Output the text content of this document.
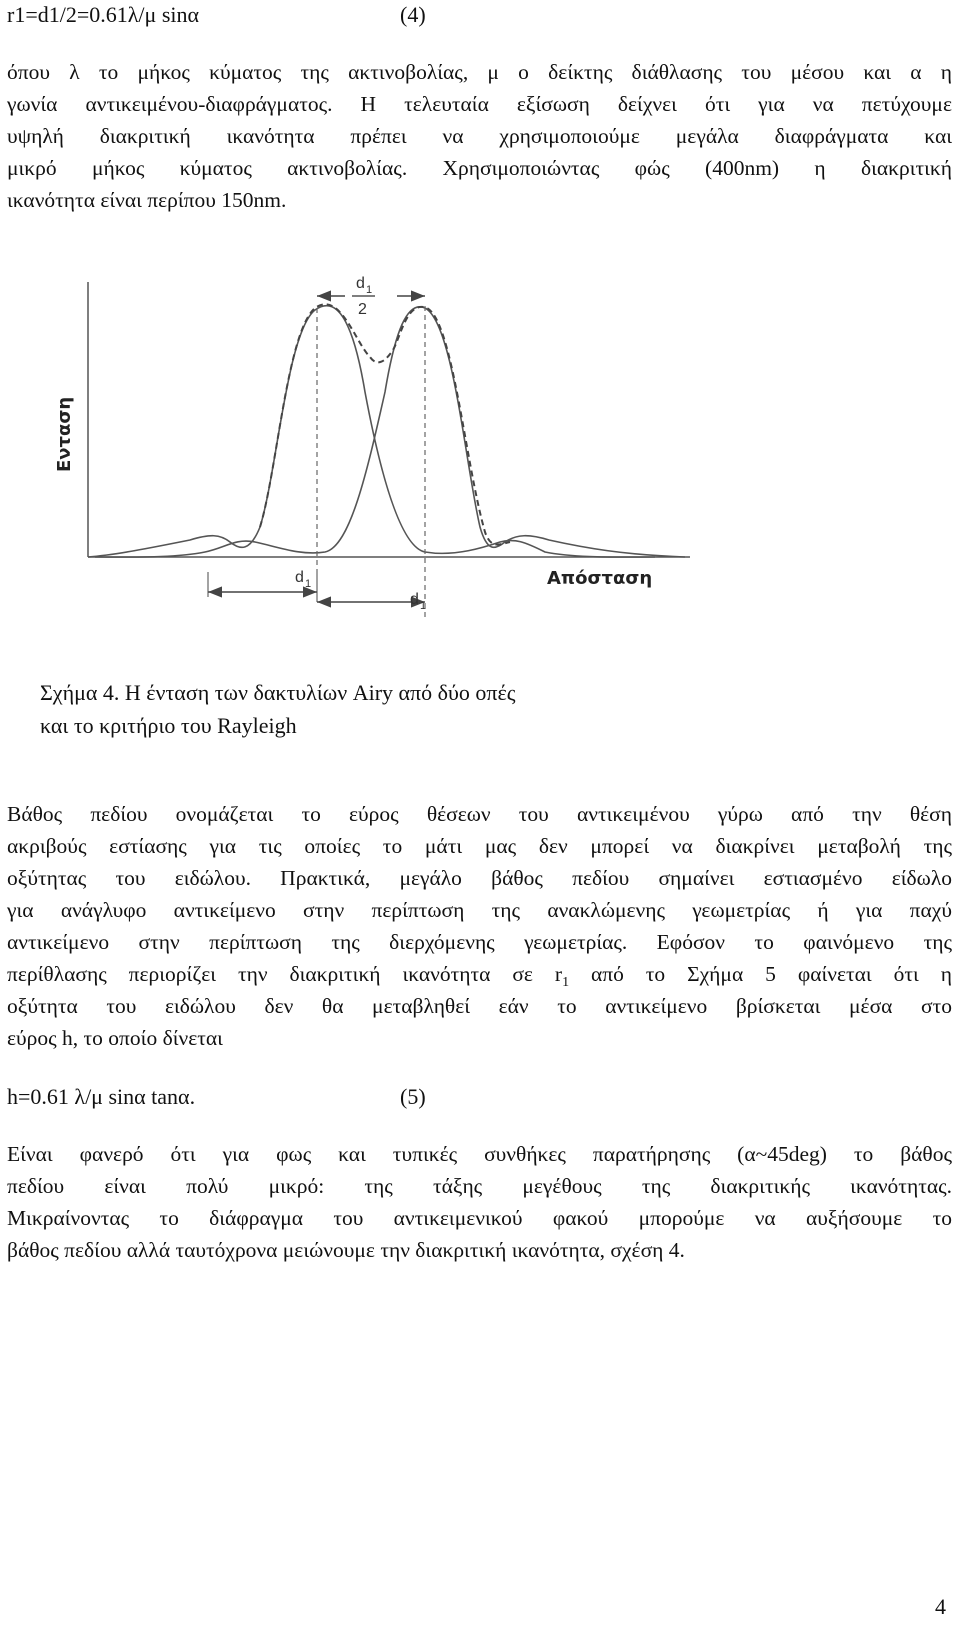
r1=d1/2=0.61λ/μ sinα	(4)
όπου λ το μήκος κύματος της ακτινοβολίας, μ ο δείκτης διάθλασης του μέσου και α η
γωνία αντικειμένου-διαφράγματος. Η τελευταία εξίσωση δείχνει ότι για να πετύχουμε
υψηλή διακριτική ικανότητα πρέπει να χρησιμοποιούμε μεγάλα διαφράγματα και
μικρό μήκος κύματος ακτινοβολίας. Χρησιμοποιώντας φώς (400nm) η διακριτική
ικανότητα είναι περίπου 150nm.
d 1
2
d 1
d 1
Ενταση
Απόσταση
Σχήμα 4. Η ένταση των δακτυλίων Airy από δύο οπές
και το κριτήριο του Rayleigh
Βάθος πεδίου ονομάζεται το εύρος θέσεων του αντικειμένου γύρω από την θέση
ακριβούς εστίασης για τις οποίες το μάτι μας δεν μπορεί να διακρίνει μεταβολή της
οξύτητας του ειδώλου. Πρακτικά, μεγάλο βάθος πεδίου σημαίνει εστιασμένο είδωλο
για ανάγλυφο αντικείμενο στην περίπτωση της ανακλώμενης γεωμετρίας ή για παχύ
αντικείμενο στην περίπτωση της διερχόμενης γεωμετρίας. Εφόσον το φαινόμενο της
περίθλασης περιορίζει την διακριτική ικανότητα σε $r_1$ από το Σχήμα 5 φαίνεται ότι η
οξύτητα του ειδώλου δεν θα μεταβληθεί εάν το αντικείμενο βρίσκεται μέσα στο
εύρος h, το οποίο δίνεται
h=0.61 λ/μ sinα tanα.	(5)
Είναι φανερό ότι για φως και τυπικές συνθήκες παρατήρησης (α~45deg) το βάθος
πεδίου είναι πολύ μικρό: της τάξης μεγέθους της διακριτικής ικανότητας.
Μικραίνοντας το διάφραγμα του αντικειμενικού φακού μπορούμε να αυξήσουμε το
βάθος πεδίου αλλά ταυτόχρονα μειώνουμε την διακριτική ικανότητα, σχέση 4.
4
